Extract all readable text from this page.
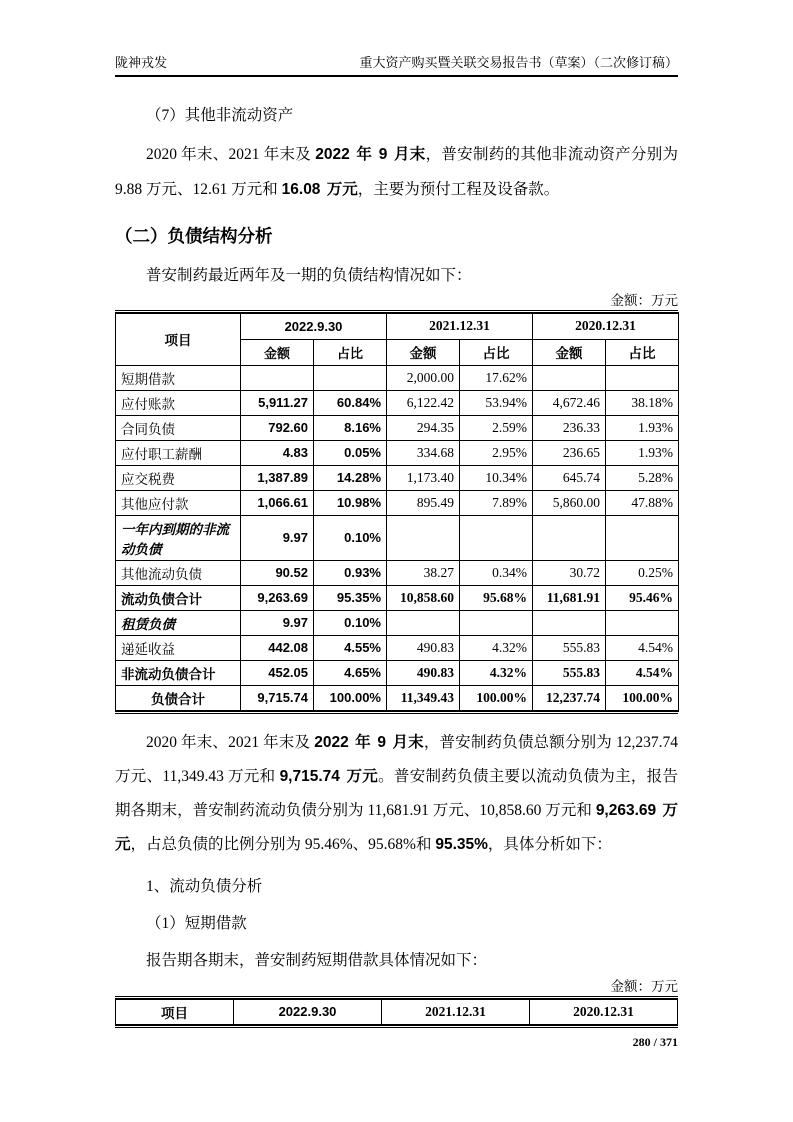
陇神戎发	重大资产购买暨关联交易报告书（草案）（二次修订稿）
（7）其他非流动资产

2020 年末、2021 年末及 2022 年 9 月末，普安制药的其他非流动资产分别为 9.88 万元、12.61 万元和 16.08 万元，主要为预付工程及设备款。

（二）负债结构分析
普安制药最近两年及一期的负债结构情况如下：
金额：万元
项目	2022.9.30		2021.12.31		2020.12.31	
	金额	占比	金额	占比	金额	占比
短期借款			2,000.00	17.62%		
应付账款	5,911.27	60.84%	6,122.42	53.94%	4,672.46	38.18%
合同负债	792.60	8.16%	294.35	2.59%	236.33	1.93%
应付职工薪酬	4.83	0.05%	334.68	2.95%	236.65	1.93%
应交税费	1,387.89	14.28%	1,173.40	10.34%	645.74	5.28%
其他应付款	1,066.61	10.98%	895.49	7.89%	5,860.00	47.88%
一年内到期的非流动负债	9.97	0.10%				
其他流动负债	90.52	0.93%	38.27	0.34%	30.72	0.25%
流动负债合计	9,263.69	95.35%	10,858.60	95.68%	11,681.91	95.46%
租赁负债	9.97	0.10%				
递延收益	442.08	4.55%	490.83	4.32%	555.83	4.54%
非流动负债合计	452.05	4.65%	490.83	4.32%	555.83	4.54%
负债合计	9,715.74	100.00%	11,349.43	100.00%	12,237.74	100.00%

2020 年末、2021 年末及 2022 年 9 月末，普安制药负债总额分别为 12,237.74 万元、11,349.43 万元和 9,715.74 万元。普安制药负债主要以流动负债为主，报告期各期末，普安制药流动负债分别为 11,681.91 万元、10,858.60 万元和 9,263.69 万元，占总负债的比例分别为 95.46%、95.68%和 95.35%，具体分析如下：

1、流动负债分析
（1）短期借款
报告期各期末，普安制药短期借款具体情况如下：
金额：万元
项目	2022.9.30	2021.12.31	2020.12.31
280 / 371
